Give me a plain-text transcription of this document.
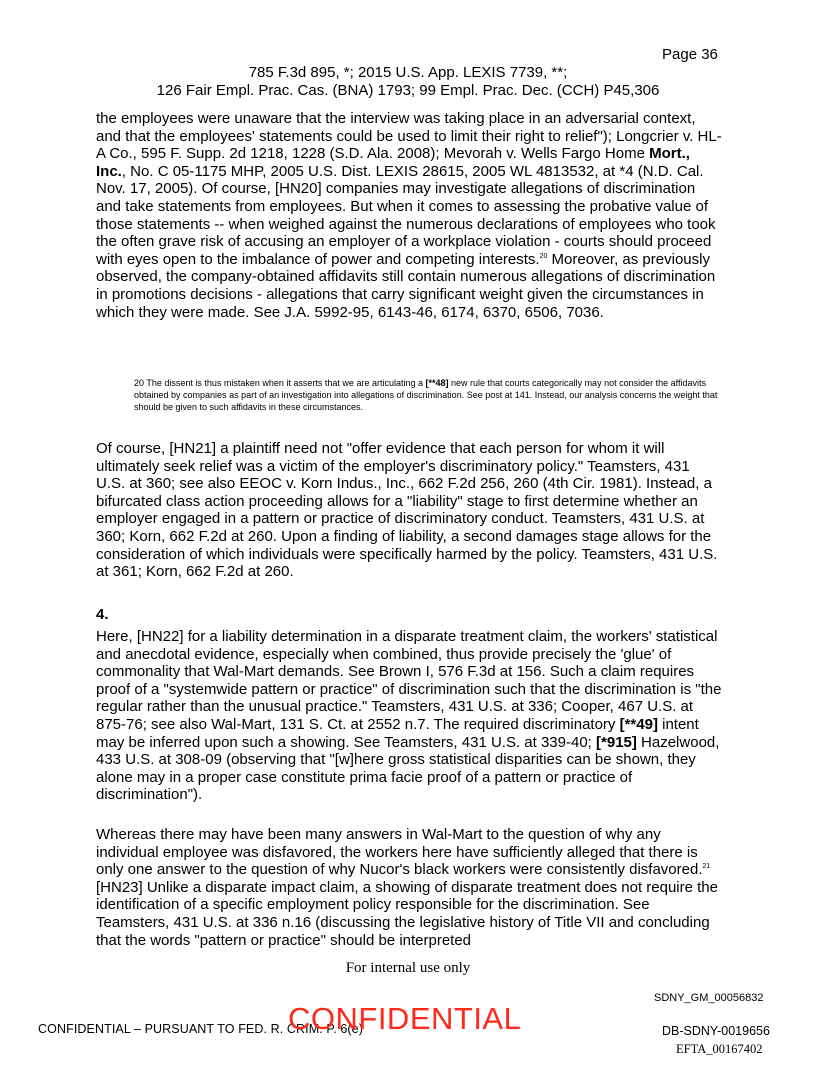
Page 36
785 F.3d 895, *; 2015 U.S. App. LEXIS 7739, **;
126 Fair Empl. Prac. Cas. (BNA) 1793; 99 Empl. Prac. Dec. (CCH) P45,306

the employees were unaware that the interview was taking place in an adversarial context, and that the employees' statements could be used to limit their right to relief"); Longcrier v. HL-A Co., 595 F. Supp. 2d 1218, 1228 (S.D. Ala. 2008); Mevorah v. Wells Fargo Home Mort., Inc., No. C 05-1175 MHP, 2005 U.S. Dist. LEXIS 28615, 2005 WL 4813532, at *4 (N.D. Cal. Nov. 17, 2005). Of course, [HN20] companies may investigate allegations of discrimination and take statements from employees. But when it comes to assessing the probative value of those statements -- when weighed against the numerous declarations of employees who took the often grave risk of accusing an employer of a workplace violation - courts should proceed with eyes open to the imbalance of power and competing interests.$^{20}$ Moreover, as previously observed, the company-obtained affidavits still contain numerous allegations of discrimination in promotions decisions - allegations that carry significant weight given the circumstances in which they were made. See J.A. 5992-95, 6143-46, 6174, 6370, 6506, 7036.

20 The dissent is thus mistaken when it asserts that we are articulating a [**48] new rule that courts categorically may not consider the affidavits obtained by companies as part of an investigation into allegations of discrimination. See post at 141. Instead, our analysis concerns the weight that should be given to such affidavits in these circumstances.

Of course, [HN21] a plaintiff need not "offer evidence that each person for whom it will ultimately seek relief was a victim of the employer's discriminatory policy." Teamsters, 431 U.S. at 360; see also EEOC v. Korn Indus., Inc., 662 F.2d 256, 260 (4th Cir. 1981). Instead, a bifurcated class action proceeding allows for a "liability" stage to first determine whether an employer engaged in a pattern or practice of discriminatory conduct. Teamsters, 431 U.S. at 360; Korn, 662 F.2d at 260. Upon a finding of liability, a second damages stage allows for the consideration of which individuals were specifically harmed by the policy. Teamsters, 431 U.S. at 361; Korn, 662 F.2d at 260.

4.

Here, [HN22] for a liability determination in a disparate treatment claim, the workers' statistical and anecdotal evidence, especially when combined, thus provide precisely the 'glue' of commonality that Wal-Mart demands. See Brown I, 576 F.3d at 156. Such a claim requires proof of a "systemwide pattern or practice" of discrimination such that the discrimination is "the regular rather than the unusual practice." Teamsters, 431 U.S. at 336; Cooper, 467 U.S. at 875-76; see also Wal-Mart, 131 S. Ct. at 2552 n.7. The required discriminatory [**49] intent may be inferred upon such a showing. See Teamsters, 431 U.S. at 339-40; [*915] Hazelwood, 433 U.S. at 308-09 (observing that "[w]here gross statistical disparities can be shown, they alone may in a proper case constitute prima facie proof of a pattern or practice of discrimination").

Whereas there may have been many answers in Wal-Mart to the question of why any individual employee was disfavored, the workers here have sufficiently alleged that there is only one answer to the question of why Nucor's black workers were consistently disfavored.$^{21}$ [HN23] Unlike a disparate impact claim, a showing of disparate treatment does not require the identification of a specific employment policy responsible for the discrimination. See Teamsters, 431 U.S. at 336 n.16 (discussing the legislative history of Title VII and concluding that the words "pattern or practice" should be interpreted

For internal use only
SDNY_GM_00056832
CONFIDENTIAL – PURSUANT TO FED. R. CRIM. P. 6(e)
CONFIDENTIAL	DB-SDNY-0019656
EFTA_00167402
